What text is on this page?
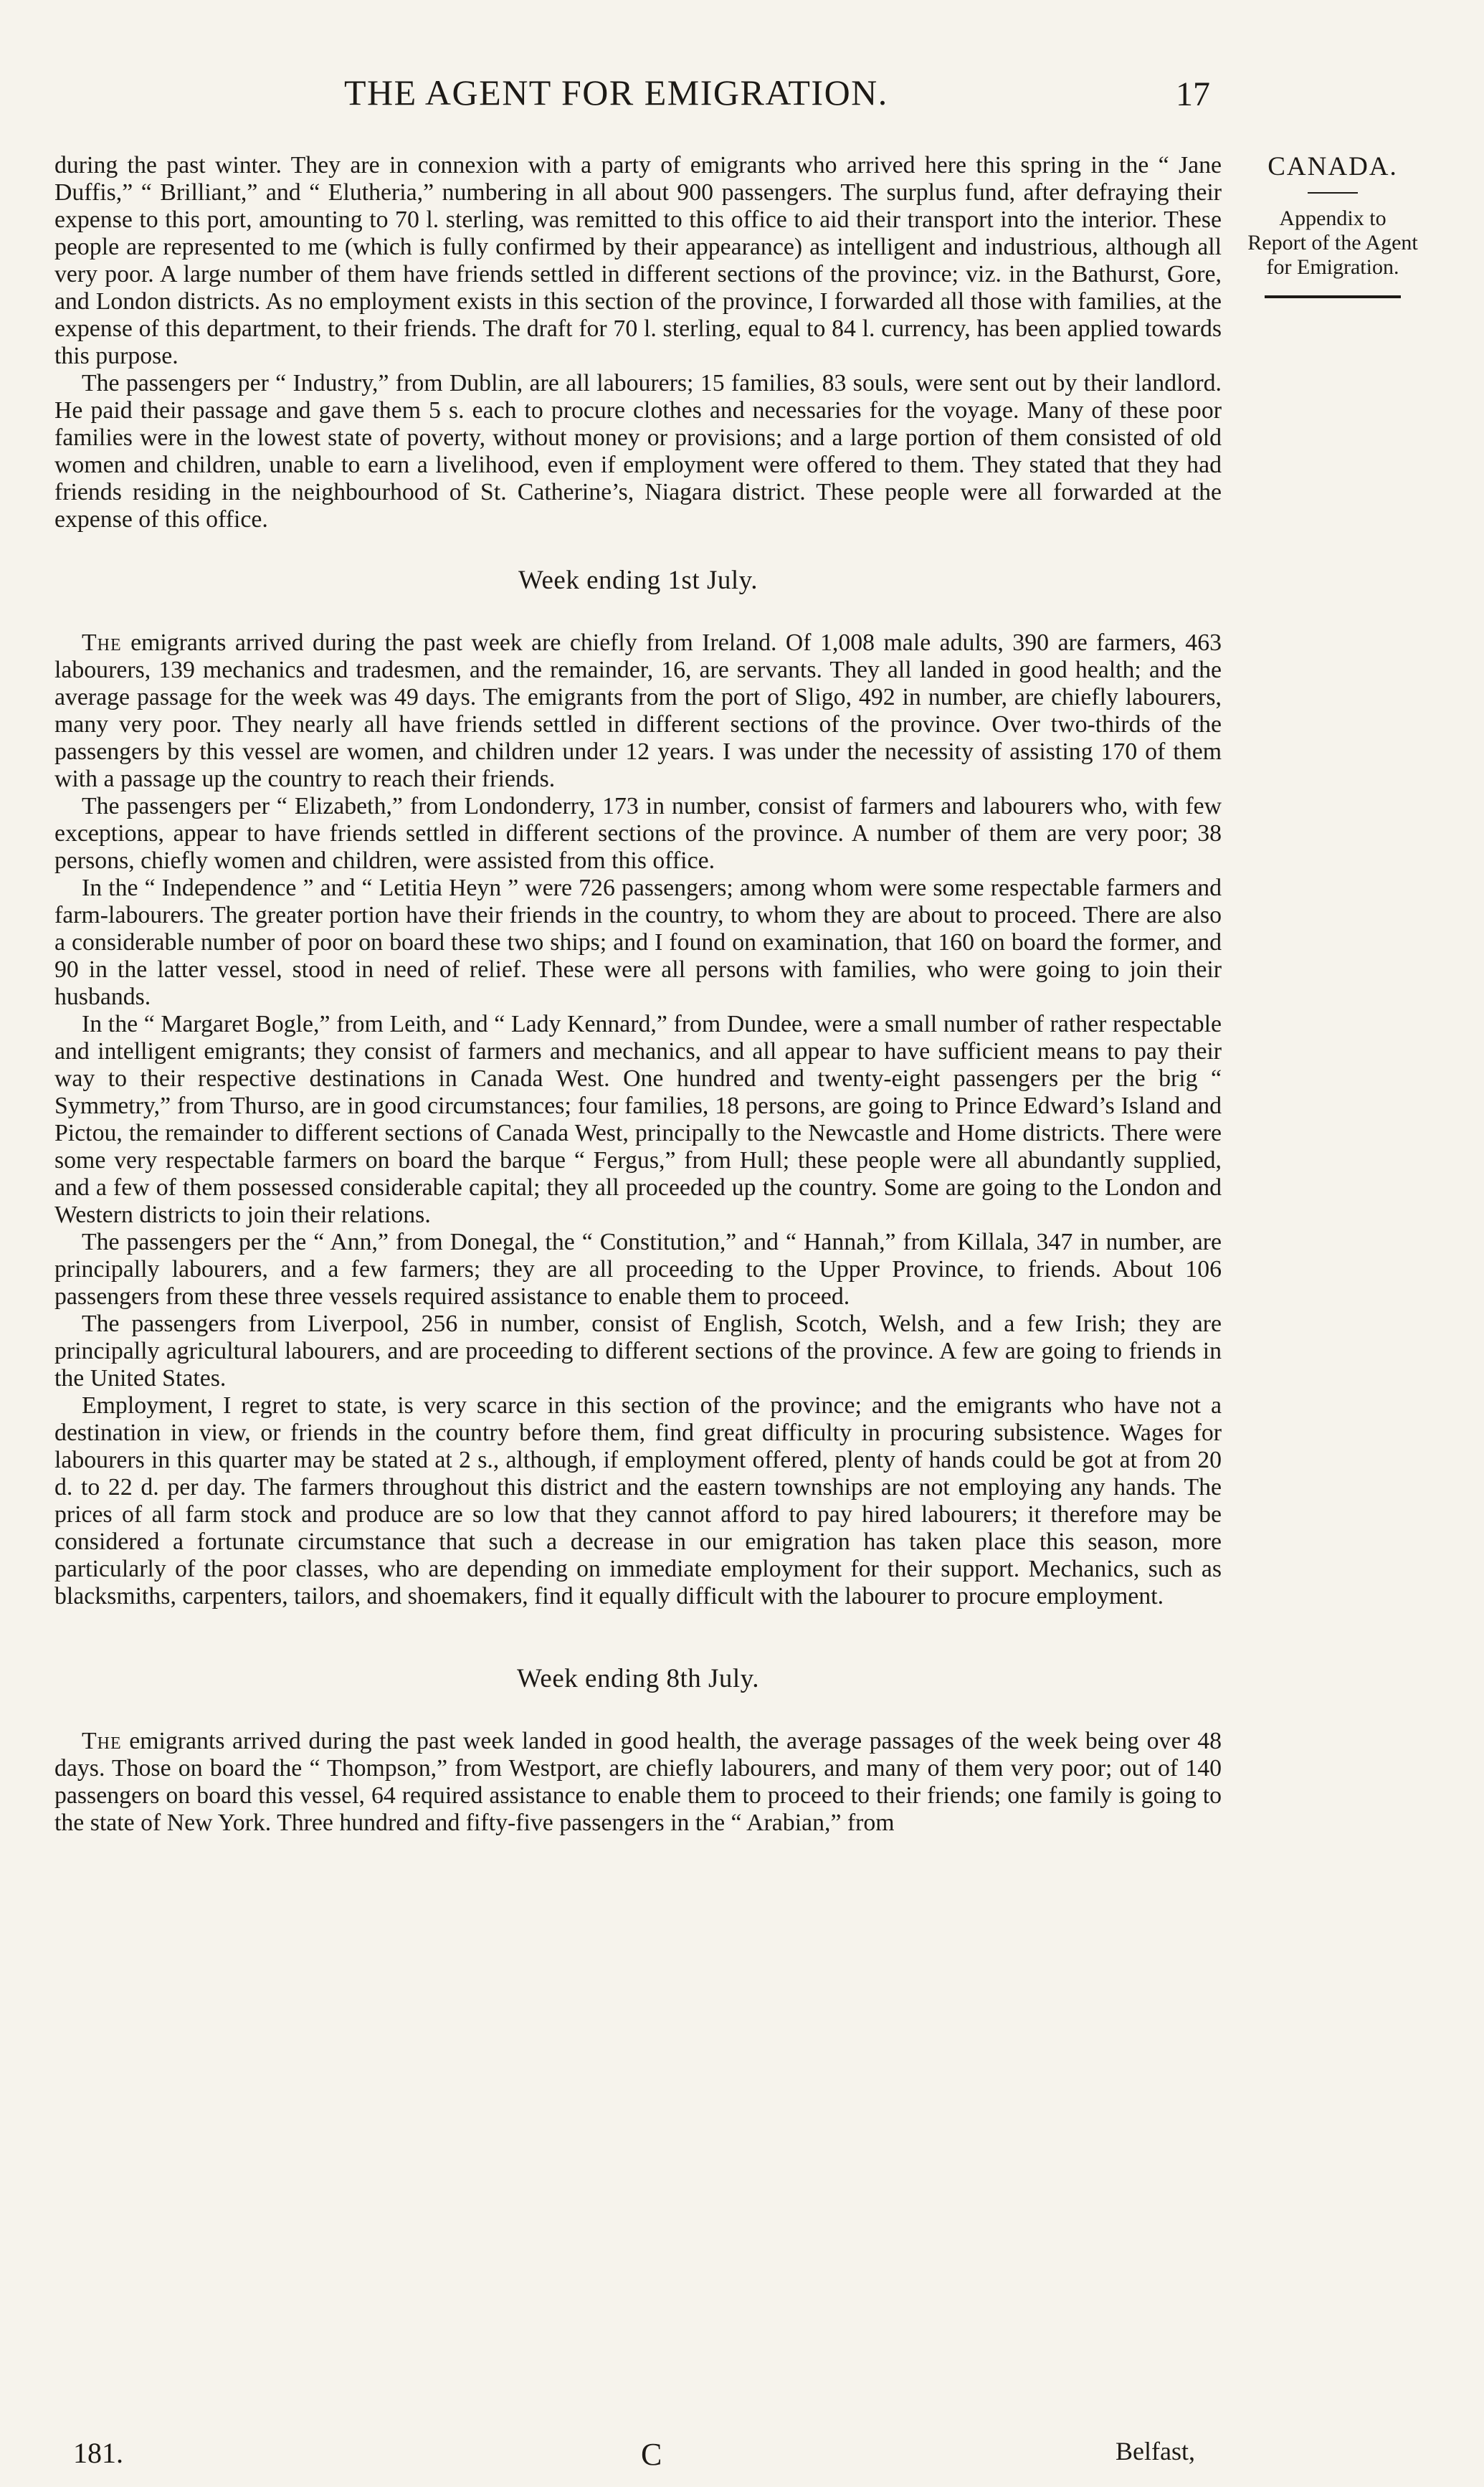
THE AGENT FOR EMIGRATION.	17
CANADA.
Appendix to
Report of the Agent
for Emigration.

during the past winter. They are in connexion with a party of emigrants who arrived here this spring in the “ Jane Duffis,” “ Brilliant,” and “ Elutheria,” numbering in all about 900 passengers. The surplus fund, after defraying their expense to this port, amounting to 70 l. sterling, was remitted to this office to aid their transport into the interior. These people are represented to me (which is fully confirmed by their appearance) as intelligent and industrious, although all very poor. A large number of them have friends settled in different sections of the province; viz. in the Bathurst, Gore, and London districts. As no employment exists in this section of the province, I forwarded all those with families, at the expense of this department, to their friends. The draft for 70 l. sterling, equal to 84 l. currency, has been applied towards this purpose.

The passengers per “ Industry,” from Dublin, are all labourers; 15 families, 83 souls, were sent out by their landlord. He paid their passage and gave them 5 s. each to procure clothes and necessaries for the voyage. Many of these poor families were in the lowest state of poverty, without money or provisions; and a large portion of them consisted of old women and children, unable to earn a livelihood, even if employment were offered to them. They stated that they had friends residing in the neighbourhood of St. Catherine’s, Niagara district. These people were all forwarded at the expense of this office.

Week ending 1st July.

The emigrants arrived during the past week are chiefly from Ireland. Of 1,008 male adults, 390 are farmers, 463 labourers, 139 mechanics and tradesmen, and the remainder, 16, are servants. They all landed in good health; and the average passage for the week was 49 days. The emigrants from the port of Sligo, 492 in number, are chiefly labourers, many very poor. They nearly all have friends settled in different sections of the province. Over two-thirds of the passengers by this vessel are women, and children under 12 years. I was under the necessity of assisting 170 of them with a passage up the country to reach their friends.

The passengers per “ Elizabeth,” from Londonderry, 173 in number, consist of farmers and labourers who, with few exceptions, appear to have friends settled in different sections of the province. A number of them are very poor; 38 persons, chiefly women and children, were assisted from this office.

In the “ Independence ” and “ Letitia Heyn ” were 726 passengers; among whom were some respectable farmers and farm-labourers. The greater portion have their friends in the country, to whom they are about to proceed. There are also a considerable number of poor on board these two ships; and I found on examination, that 160 on board the former, and 90 in the latter vessel, stood in need of relief. These were all persons with families, who were going to join their husbands.

In the “ Margaret Bogle,” from Leith, and “ Lady Kennard,” from Dundee, were a small number of rather respectable and intelligent emigrants; they consist of farmers and mechanics, and all appear to have sufficient means to pay their way to their respective destinations in Canada West. One hundred and twenty-eight passengers per the brig “ Symmetry,” from Thurso, are in good circumstances; four families, 18 persons, are going to Prince Edward’s Island and Pictou, the remainder to different sections of Canada West, principally to the Newcastle and Home districts. There were some very respectable farmers on board the barque “ Fergus,” from Hull; these people were all abundantly supplied, and a few of them possessed considerable capital; they all proceeded up the country. Some are going to the London and Western districts to join their relations.

The passengers per the “ Ann,” from Donegal, the “ Constitution,” and “ Hannah,” from Killala, 347 in number, are principally labourers, and a few farmers; they are all proceeding to the Upper Province, to friends. About 106 passengers from these three vessels required assistance to enable them to proceed.

The passengers from Liverpool, 256 in number, consist of English, Scotch, Welsh, and a few Irish; they are principally agricultural labourers, and are proceeding to different sections of the province. A few are going to friends in the United States.

Employment, I regret to state, is very scarce in this section of the province; and the emigrants who have not a destination in view, or friends in the country before them, find great difficulty in procuring subsistence. Wages for labourers in this quarter may be stated at 2 s., although, if employment offered, plenty of hands could be got at from 20 d. to 22 d. per day. The farmers throughout this district and the eastern townships are not employing any hands. The prices of all farm stock and produce are so low that they cannot afford to pay hired labourers; it therefore may be considered a fortunate circumstance that such a decrease in our emigration has taken place this season, more particularly of the poor classes, who are depending on immediate employment for their support. Mechanics, such as blacksmiths, carpenters, tailors, and shoemakers, find it equally difficult with the labourer to procure employment.

Week ending 8th July.

The emigrants arrived during the past week landed in good health, the average passages of the week being over 48 days. Those on board the “ Thompson,” from Westport, are chiefly labourers, and many of them very poor; out of 140 passengers on board this vessel, 64 required assistance to enable them to proceed to their friends; one family is going to the state of New York. Three hundred and fifty-five passengers in the “ Arabian,” from

181.	C	Belfast,
